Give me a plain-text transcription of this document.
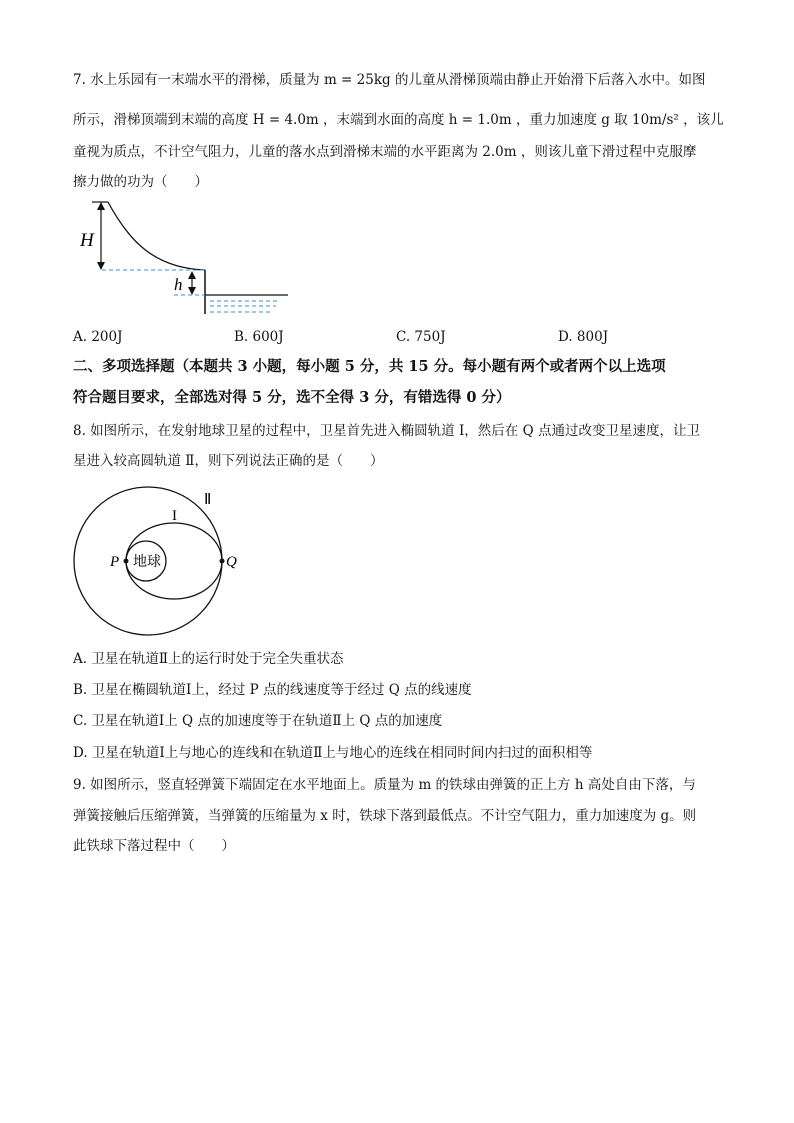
7. 水上乐园有一末端水平的滑梯，质量为 m = 25kg 的儿童从滑梯顶端由静止开始滑下后落入水中。如图
所示，滑梯顶端到末端的高度 H = 4.0m ，末端到水面的高度 h = 1.0m ，重力加速度 g 取 10m/s² ，该儿
童视为质点，不计空气阻力，儿童的落水点到滑梯末端的水平距离为 2.0m ，则该儿童下滑过程中克服摩
擦力做的功为（　　）
H
h
A. 200J	B. 600J	C. 750J	D. 800J
二、多项选择题（本题共 3 小题，每小题 5 分，共 15 分。每小题有两个或者两个以上选项
符合题目要求，全部选对得 5 分，选不全得 3 分，有错选得 0 分）
8. 如图所示，在发射地球卫星的过程中，卫星首先进入椭圆轨道 I，然后在 Q 点通过改变卫星速度，让卫
星进入较高圆轨道 Ⅱ，则下列说法正确的是（　　）
地球
P	Q
Ⅱ
I
A. 卫星在轨道Ⅱ上的运行时处于完全失重状态
B. 卫星在椭圆轨道Ⅰ上，经过 P 点的线速度等于经过 Q 点的线速度
C. 卫星在轨道Ⅰ上 Q 点的加速度等于在轨道Ⅱ上 Q 点的加速度
D. 卫星在轨道Ⅰ上与地心的连线和在轨道Ⅱ上与地心的连线在相同时间内扫过的面积相等
9. 如图所示，竖直轻弹簧下端固定在水平地面上。质量为 m 的铁球由弹簧的正上方 h 高处自由下落，与
弹簧接触后压缩弹簧，当弹簧的压缩量为 x 时，铁球下落到最低点。不计空气阻力，重力加速度为 g。则
此铁球下落过程中（　　）
